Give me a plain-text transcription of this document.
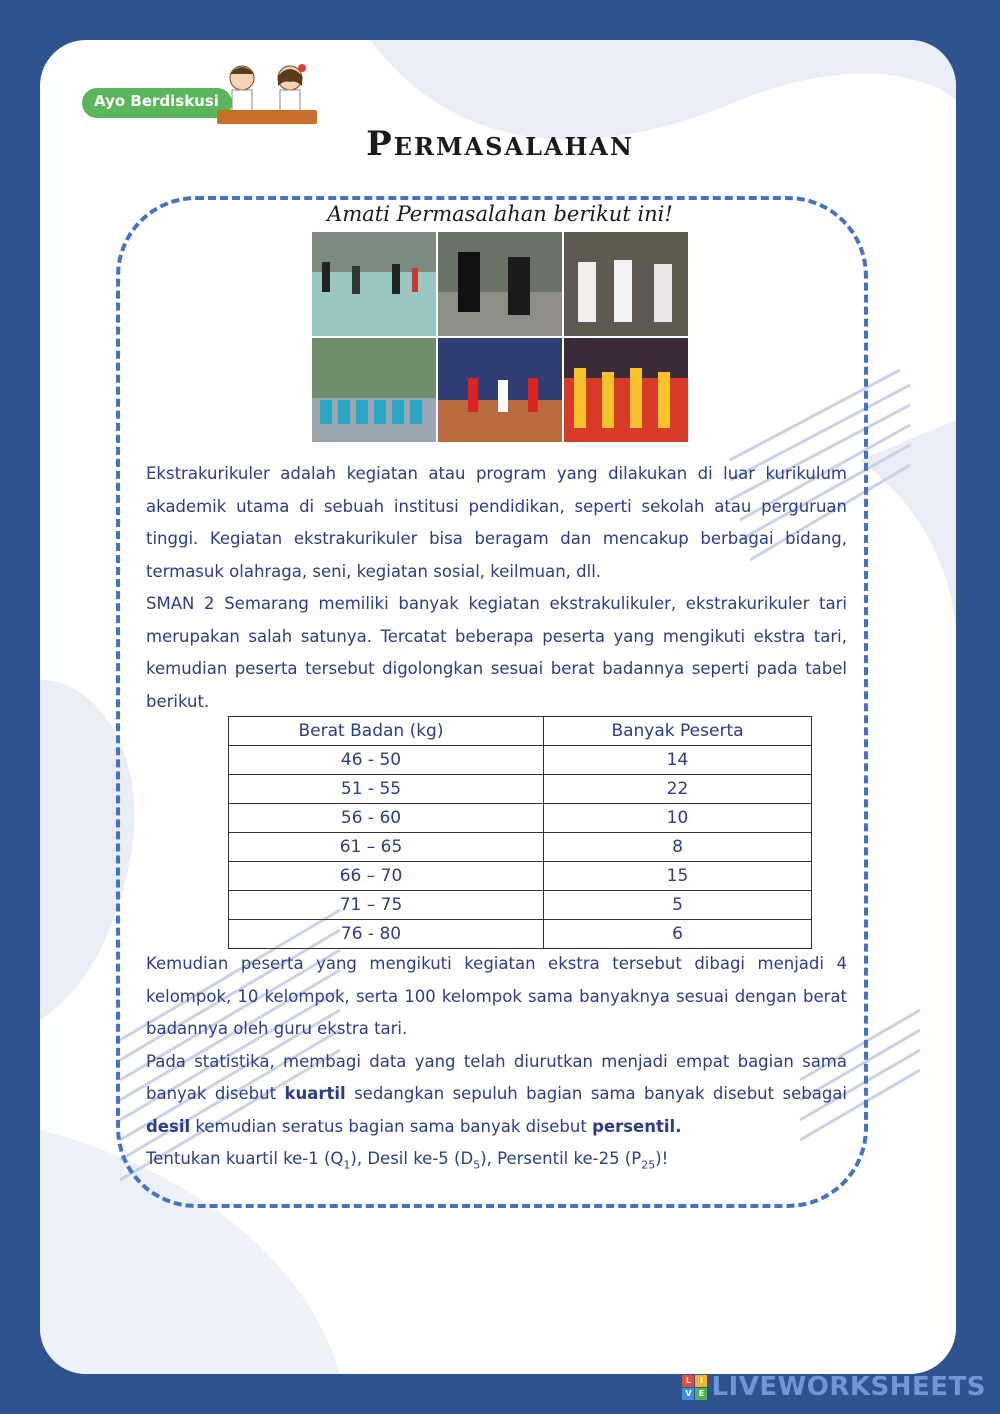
Ayo Berdiskusi
Permasalahan
Amati Permasalahan berikut ini!

Ekstrakurikuler adalah kegiatan atau program yang dilakukan di luar kurikulum akademik utama di sebuah institusi pendidikan, seperti sekolah atau perguruan tinggi. Kegiatan ekstrakurikuler bisa beragam dan mencakup berbagai bidang, termasuk olahraga, seni, kegiatan sosial, keilmuan, dll.

SMAN 2 Semarang memiliki banyak kegiatan ekstrakulikuler, ekstrakurikuler tari merupakan salah satunya. Tercatat beberapa peserta yang mengikuti ekstra tari, kemudian peserta tersebut digolongkan sesuai berat badannya seperti pada tabel berikut.

Berat Badan (kg)	Banyak Peserta
46 - 50	14
51 - 55	22
56 - 60	10
61 – 65	8
66 – 70	15
71 – 75	5
76 - 80	6

Kemudian peserta yang mengikuti kegiatan ekstra tersebut dibagi menjadi 4 kelompok, 10 kelompok, serta 100 kelompok sama banyaknya sesuai dengan berat badannya oleh guru ekstra tari.

Pada statistika, membagi data yang telah diurutkan menjadi empat bagian sama banyak disebut kuartil sedangkan sepuluh bagian sama banyak disebut sebagai desil kemudian seratus bagian sama banyak disebut persentil.

Tentukan kuartil ke-1 $(Q_1)$, Desil ke-5 $(D_5)$, Persentil ke-25 $(P_{25})$!

L	I
V E LIVEWORKSHEETS
